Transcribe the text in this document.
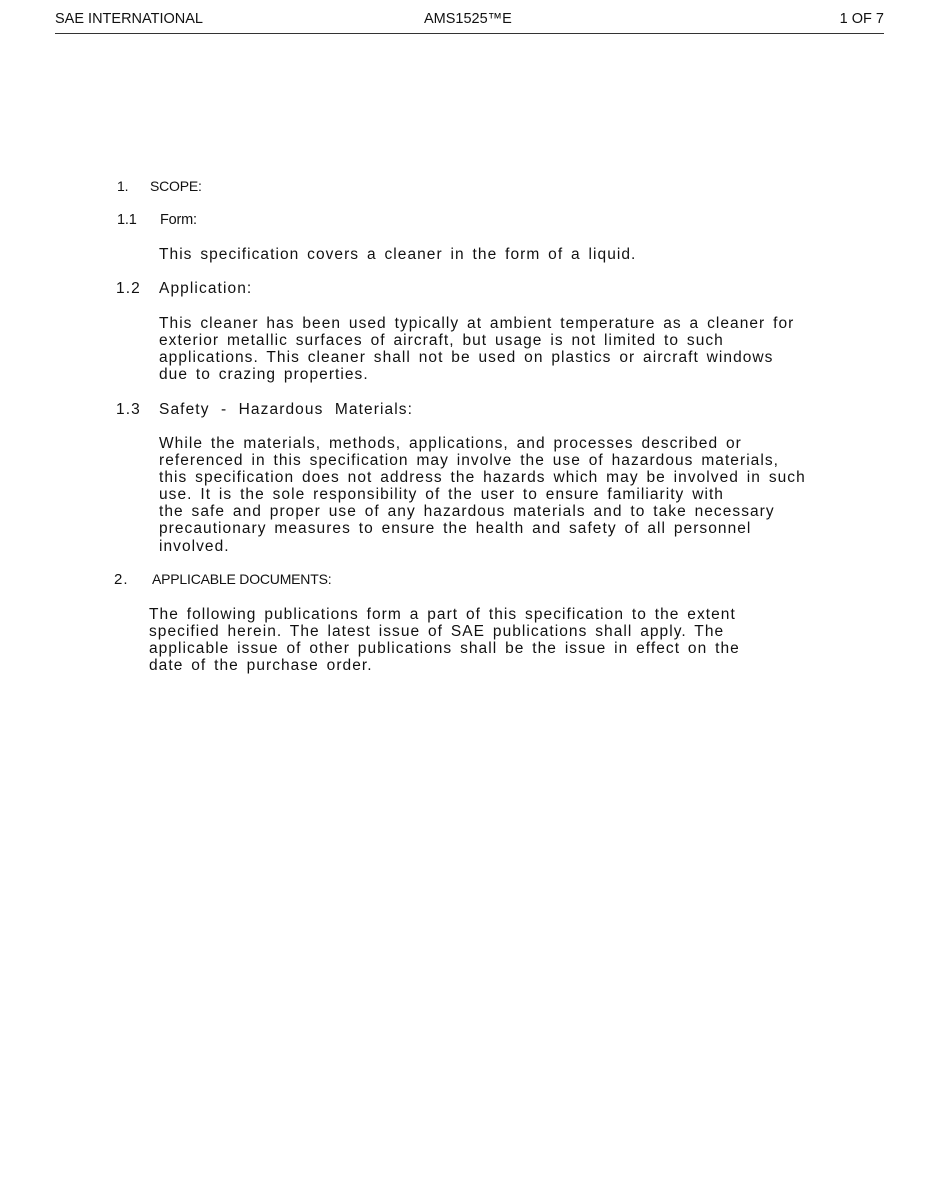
SAE INTERNATIONAL	AMS1525™E	1 OF 7
1. SCOPE:
1.1 Form:

This specification covers a cleaner in the form of a liquid.

1.2 Application:

This cleaner has been used typically at ambient temperature as a cleaner for
exterior metallic surfaces of aircraft, but usage is not limited to such
applications. This cleaner shall not be used on plastics or aircraft windows
due to crazing properties.

1.3 Safety - Hazardous Materials:

While the materials, methods, applications, and processes described or
referenced in this specification may involve the use of hazardous materials,
this specification does not address the hazards which may be involved in such
use. It is the sole responsibility of the user to ensure familiarity with
the safe and proper use of any hazardous materials and to take necessary
precautionary measures to ensure the health and safety of all personnel
involved.

2. APPLICABLE DOCUMENTS:

The following publications form a part of this specification to the extent
specified herein. The latest issue of SAE publications shall apply. The
applicable issue of other publications shall be the issue in effect on the
date of the purchase order.
